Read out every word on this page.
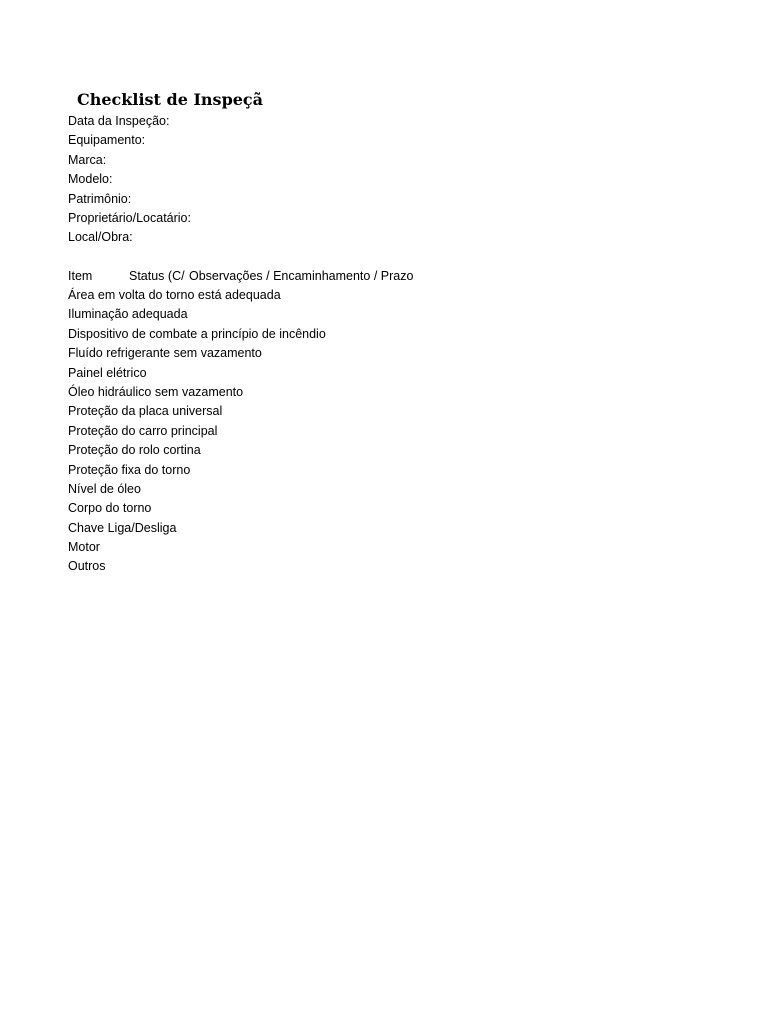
Checklist de Inspeçã
Data da Inspeção:
Equipamento:
Marca:
Modelo:
Patrimônio:
Proprietário/Locatário:
Local/Obra:
Item	Status (C/ Observações / Encaminhamento / Prazo
Área em volta do torno está adequada
Iluminação adequada
Dispositivo de combate a princípio de incêndio
Fluído refrigerante sem vazamento
Painel elétrico
Óleo hidráulico sem vazamento
Proteção da placa universal
Proteção do carro principal
Proteção do rolo cortina
Proteção fixa do torno
Nível de óleo
Corpo do torno
Chave Liga/Desliga
Motor
Outros
